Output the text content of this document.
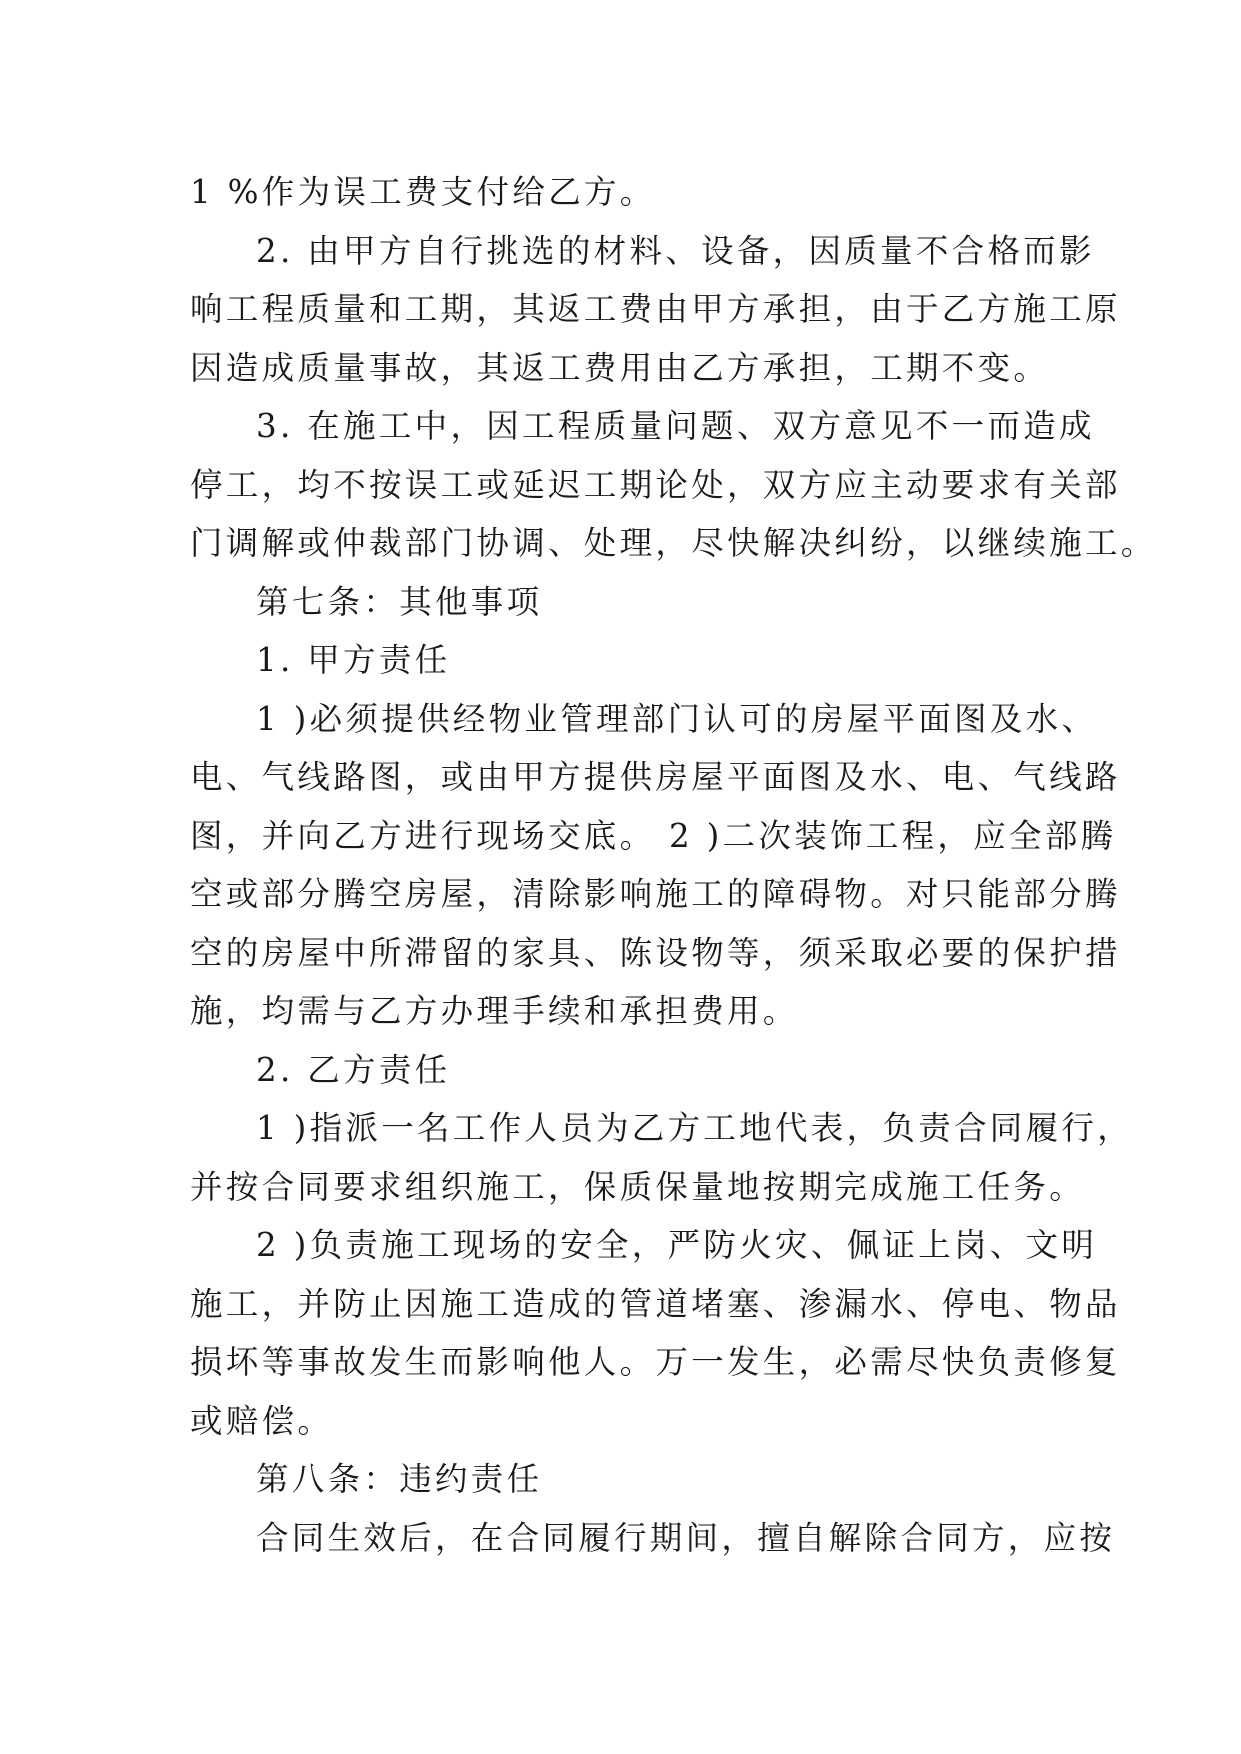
1 %作为误工费支付给乙方。
2. 由甲方自行挑选的材料、设备，因质量不合格而影
响工程质量和工期，其返工费由甲方承担，由于乙方施工原
因造成质量事故，其返工费用由乙方承担，工期不变。
3. 在施工中，因工程质量问题、双方意见不一而造成
停工，均不按误工或延迟工期论处，双方应主动要求有关部
门调解或仲裁部门协调、处理，尽快解决纠纷，以继续施工。
第七条：其他事项
1. 甲方责任
1 )必须提供经物业管理部门认可的房屋平面图及水、
电、气线路图，或由甲方提供房屋平面图及水、电、气线路
图，并向乙方进行现场交底。 2 )二次装饰工程，应全部腾
空或部分腾空房屋，清除影响施工的障碍物。对只能部分腾
空的房屋中所滞留的家具、陈设物等，须采取必要的保护措
施，均需与乙方办理手续和承担费用。
2. 乙方责任
1 )指派一名工作人员为乙方工地代表，负责合同履行，
并按合同要求组织施工，保质保量地按期完成施工任务。
2 )负责施工现场的安全，严防火灾、佩证上岗、文明
施工，并防止因施工造成的管道堵塞、渗漏水、停电、物品
损坏等事故发生而影响他人。万一发生，必需尽快负责修复
或赔偿。
第八条：违约责任
合同生效后，在合同履行期间，擅自解除合同方，应按
